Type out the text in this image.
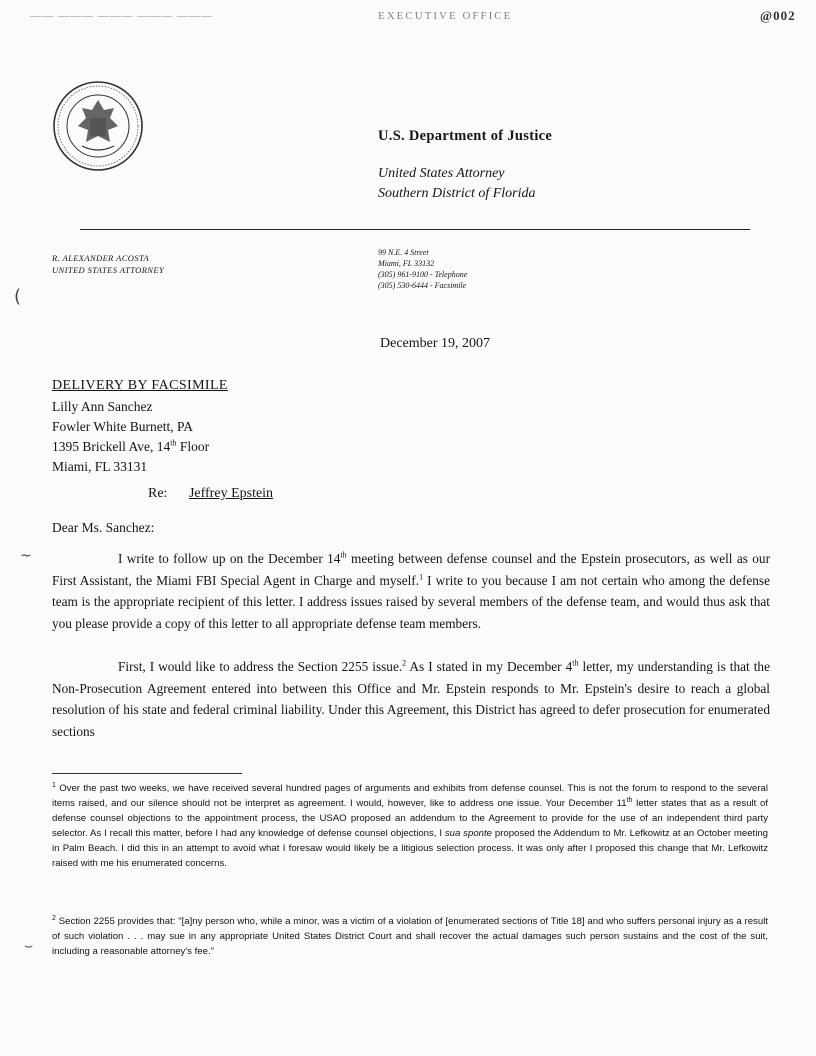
—— ——— ——— ——— ———	EXECUTIVE OFFICE	@002
U.S. Department of Justice
United States Attorney
Southern District of Florida
R. ALEXANDER ACOSTA
UNITED STATES ATTORNEY
99 N.E. 4 Street
Miami, FL 33132
(305) 961-9100 - Telephone
(305) 530-6444 - Facsimile
(
December 19, 2007
DELIVERY BY FACSIMILE
Lilly Ann Sanchez
Fowler White Burnett, PA
1395 Brickell Ave, 14th Floor
Miami, FL 33131
Re: Jeffrey Epstein
~
Dear Ms. Sanchez:

I write to follow up on the December 14th meeting between defense counsel and the Epstein prosecutors, as well as our First Assistant, the Miami FBI Special Agent in Charge and myself.$^1$ I write to you because I am not certain who among the defense team is the appropriate recipient of this letter. I address issues raised by several members of the defense team, and would thus ask that you please provide a copy of this letter to all appropriate defense team members.

First, I would like to address the Section 2255 issue.$^2$ As I stated in my December 4th letter, my understanding is that the Non-Prosecution Agreement entered into between this Office and Mr. Epstein responds to Mr. Epstein's desire to reach a global resolution of his state and federal criminal liability. Under this Agreement, this District has agreed to defer prosecution for enumerated sections

$^1$ Over the past two weeks, we have received several hundred pages of arguments and exhibits from defense counsel. This is not the forum to respond to the several items raised, and our silence should not be interpret as agreement. I would, however, like to address one issue. Your December 11th letter states that as a result of defense counsel objections to the appointment process, the USAO proposed an addendum to the Agreement to provide for the use of an independent third party selector. As I recall this matter, before I had any knowledge of defense counsel objections, I sua sponte proposed the Addendum to Mr. Lefkowitz at an October meeting in Palm Beach. I did this in an attempt to avoid what I foresaw would likely be a litigious selection process. It was only after I proposed this change that Mr. Lefkowitz raised with me his enumerated concerns.

$^2$ Section 2255 provides that: "[a]ny person who, while a minor, was a victim of a violation of [enumerated sections of Title 18] and who suffers personal injury as a result of such violation . . . may sue in any appropriate United States District Court and shall recover the actual damages such person sustains and the cost of the suit, including a reasonable attorney's fee."

⌣
